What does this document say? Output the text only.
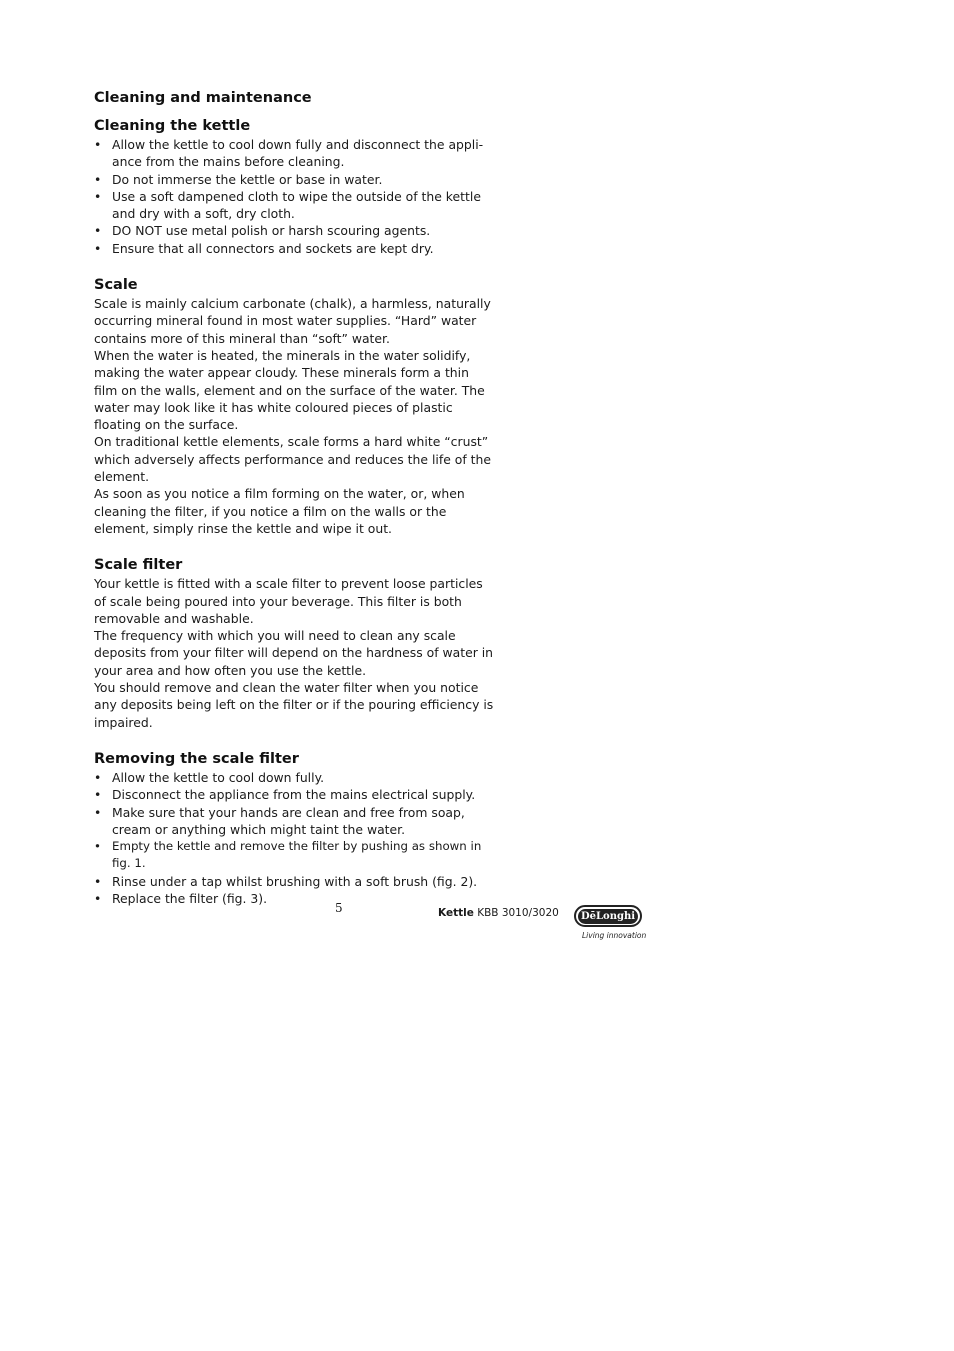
Cleaning and maintenance
Cleaning the kettle
• Allow the kettle to cool down fully and disconnect the appli-
ance from the mains before cleaning.
• Do not immerse the kettle or base in water.
• Use a soft dampened cloth to wipe the outside of the kettle
and dry with a soft, dry cloth.
• DO NOT use metal polish or harsh scouring agents.
• Ensure that all connectors and sockets are kept dry.
Scale

Scale is mainly calcium carbonate (chalk), a harmless, naturally occurring mineral found in most water supplies. “Hard” water contains more of this mineral than “soft” water.

When the water is heated, the minerals in the water solidify, making the water appear cloudy. These minerals form a thin film on the walls, element and on the surface of the water. The water may look like it has white coloured pieces of plastic floating on the surface.

On traditional kettle elements, scale forms a hard white “crust” which adversely affects performance and reduces the life of the element.

As soon as you notice a film forming on the water, or, when cleaning the filter, if you notice a film on the walls or the element, simply rinse the kettle and wipe it out.

Scale filter

Your kettle is fitted with a scale filter to prevent loose particles of scale being poured into your beverage. This filter is both removable and washable.

The frequency with which you will need to clean any scale deposits from your filter will depend on the hardness of water in your area and how often you use the kettle.

You should remove and clean the water filter when you notice any deposits being left on the filter or if the pouring efficiency is impaired.

Removing the scale filter
• Allow the kettle to cool down fully.
• Disconnect the appliance from the mains electrical supply.
• Make sure that your hands are clean and free from soap, cream or anything which might taint the water.
• Empty the kettle and remove the filter by pushing as shown in fig. 1.
• Rinse under a tap whilst brushing with a soft brush (fig. 2).
• Replace the filter (fig. 3).
5	Kettle KBB 3010/3020 DēLonghi
Living innovation
